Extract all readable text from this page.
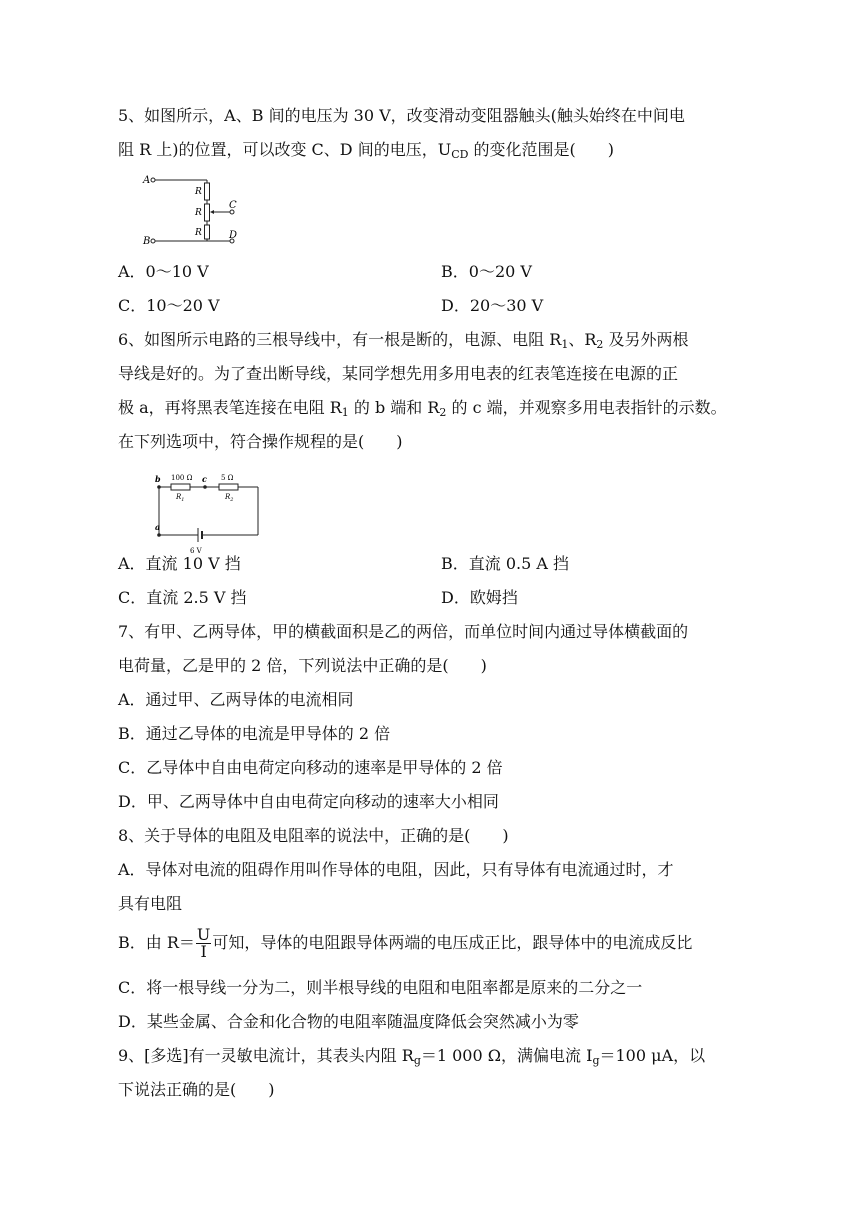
5、如图所示，A、B 间的电压为 30 V，改变滑动变阻器触头(触头始终在中间电
阻 R 上)的位置，可以改变 C、D 间的电压，$U_{CD}$ 的变化范围是(　　)
A
B
R
R
R
C
D
A．0～10 V	B．0～20 V
C．10～20 V	D．20～30 V
6、如图所示电路的三根导线中，有一根是断的，电源、电阻 $R_1$、$R_2$ 及另外两根
导线是好的。为了查出断导线，某同学想先用多用电表的红表笔连接在电源的正
极 a，再将黑表笔连接在电阻 $R_1$ 的 b 端和 $R_2$ 的 c 端，并观察多用电表指针的示数。
在下列选项中，符合操作规程的是(　　)
b	c
a
100 Ω	5 Ω
$R_1$	$R_2$
6 V
A．直流 10 V 挡	B．直流 0.5 A 挡
C．直流 2.5 V 挡	D．欧姆挡
7、有甲、乙两导体，甲的横截面积是乙的两倍，而单位时间内通过导体横截面的
电荷量，乙是甲的 2 倍，下列说法中正确的是(　　)
A．通过甲、乙两导体的电流相同
B．通过乙导体的电流是甲导体的 2 倍
C．乙导体中自由电荷定向移动的速率是甲导体的 2 倍
D．甲、乙两导体中自由电荷定向移动的速率大小相同
8、关于导体的电阻及电阻率的说法中，正确的是(　　)
A．导体对电流的阻碍作用叫作导体的电阻，因此，只有导体有电流通过时，才
具有电阻
B．由 $R= \frac{U}{I}$ 可知，导体的电阻跟导体两端的电压成正比，跟导体中的电流成反比
C．将一根导线一分为二，则半根导线的电阻和电阻率都是原来的二分之一
D．某些金属、合金和化合物的电阻率随温度降低会突然减小为零
9、[多选]有一灵敏电流计，其表头内阻 $R_g=1$ 000 Ω，满偏电流 $I_g=100$ μA，以
下说法正确的是(　　)
